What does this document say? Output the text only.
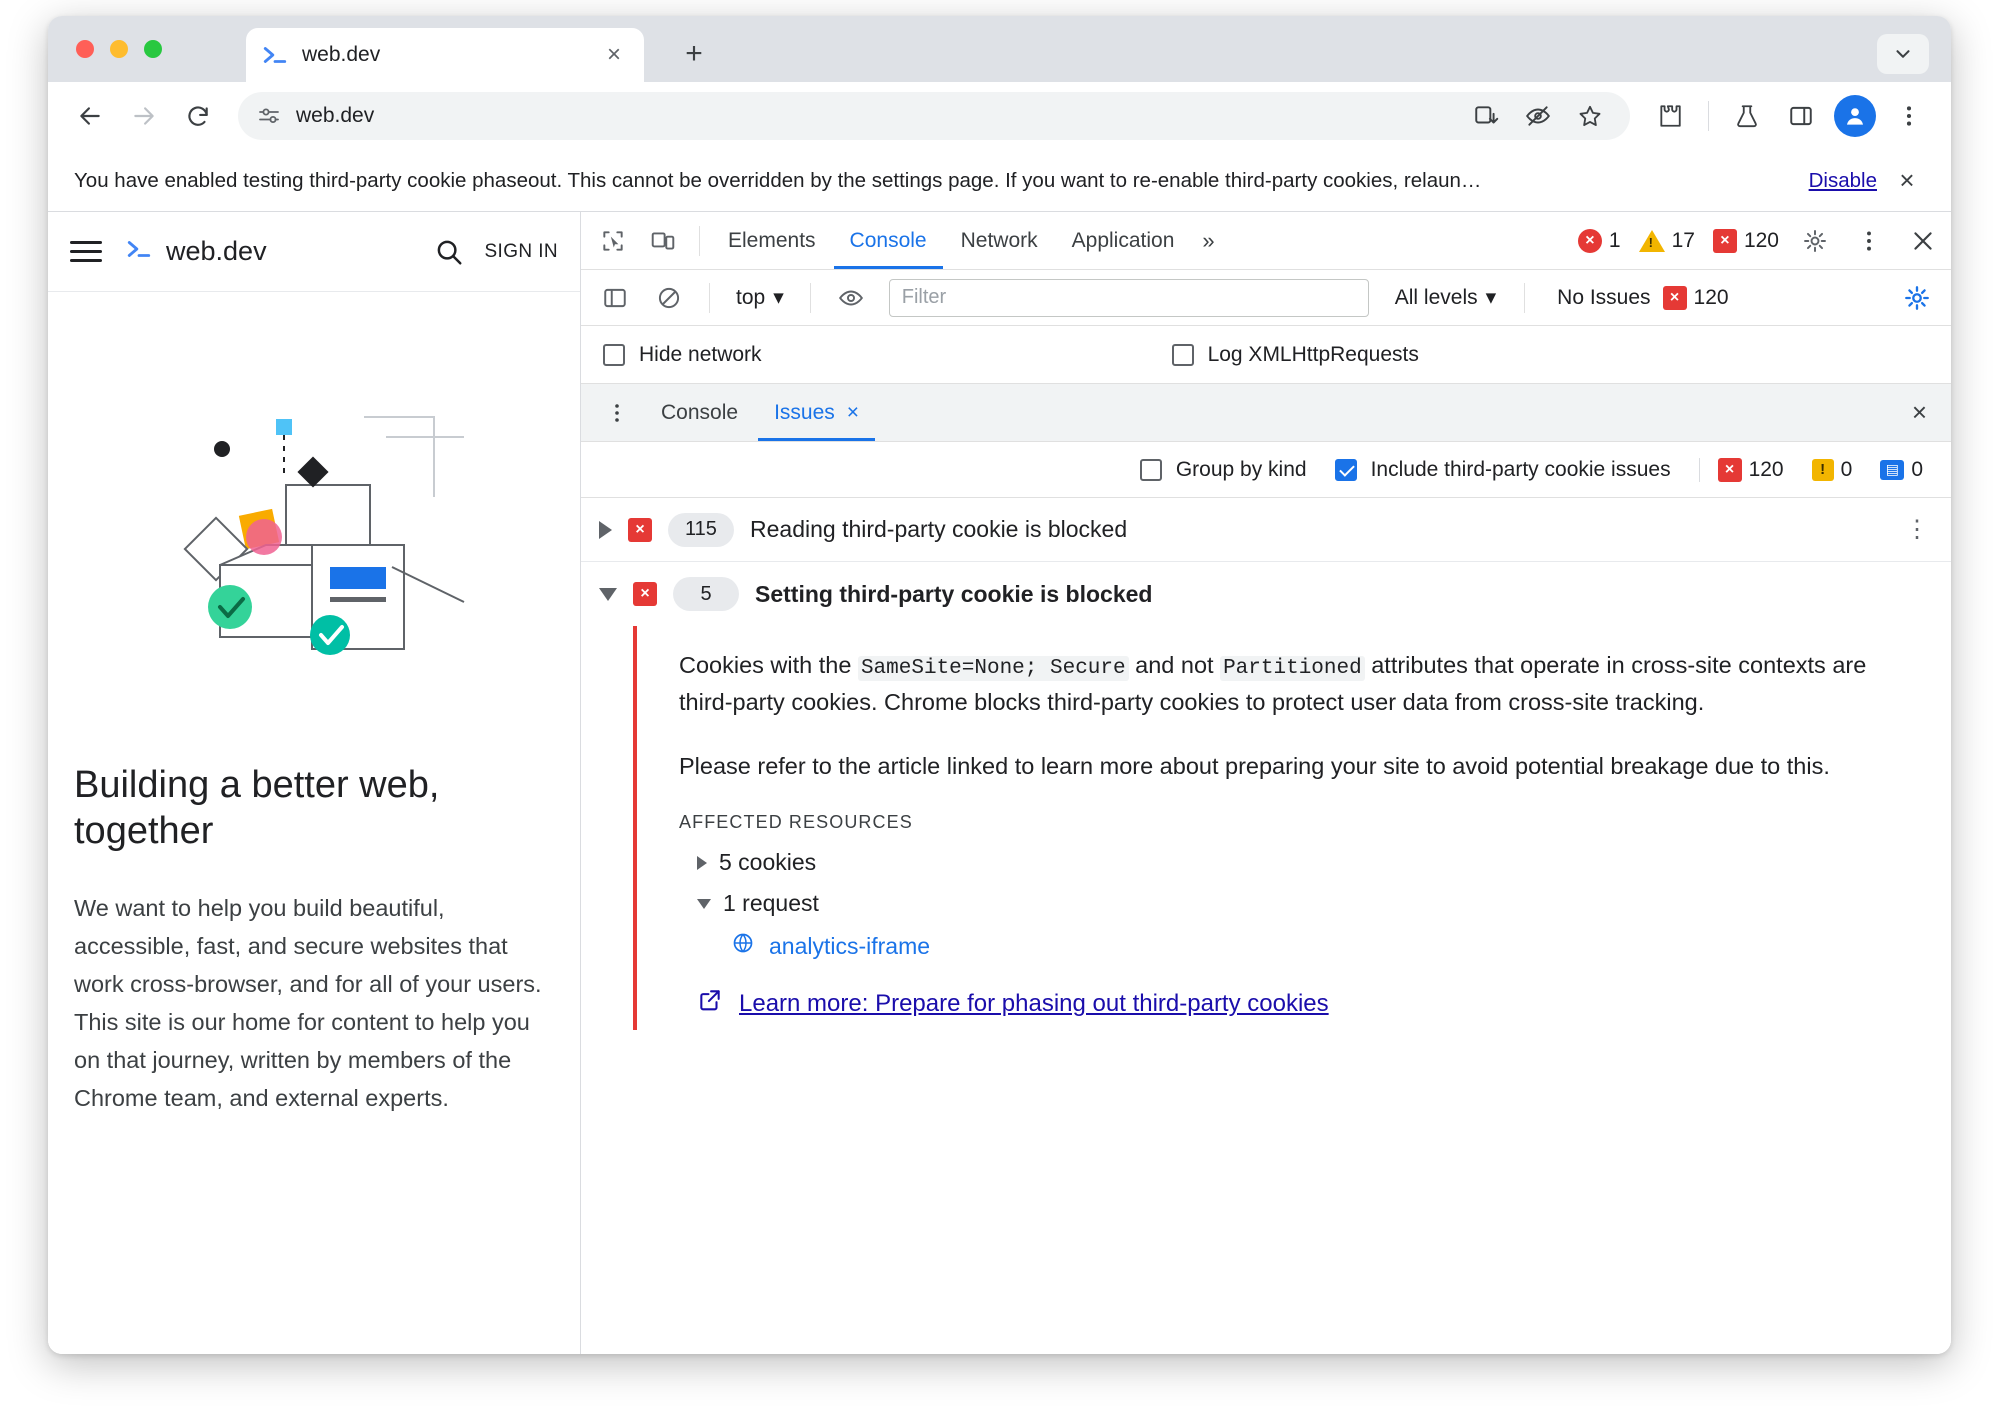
web.dev	×	+
web.dev
You have enabled testing third-party cookie phaseout. This cannot be overridden by the settings page. If you want to re-enable third-party cookies, relaun…	Disable ×
web.dev	SIGN IN
Building a better web, together

We want to help you build beautiful, accessible, fast, and secure websites that work cross-browser, and for all of your users. This site is our home for content to help you on that journey, written by members of the Chrome team, and external experts.

Elements	Console	Network	Application	»	× 1 ! 17	× 120
top ▾
Filter	All levels ▾	No Issues	× 120
Hide network	Log XMLHttpRequests
Console Issues ×	×
Group by kind	Include third-party cookie issues	× 120	! 0	▤ 0
×	115	Reading third-party cookie is blocked	⋮
×	5	Setting third-party cookie is blocked

Cookies with the SameSite=None; Secure and not Partitioned attributes that operate in cross-site contexts are third-party cookies. Chrome blocks third-party cookies to protect user data from cross-site tracking.

Please refer to the article linked to learn more about preparing your site to avoid potential breakage due to this.

AFFECTED RESOURCES
5 cookies
1 request
analytics-iframe
Learn more: Prepare for phasing out third-party cookies
